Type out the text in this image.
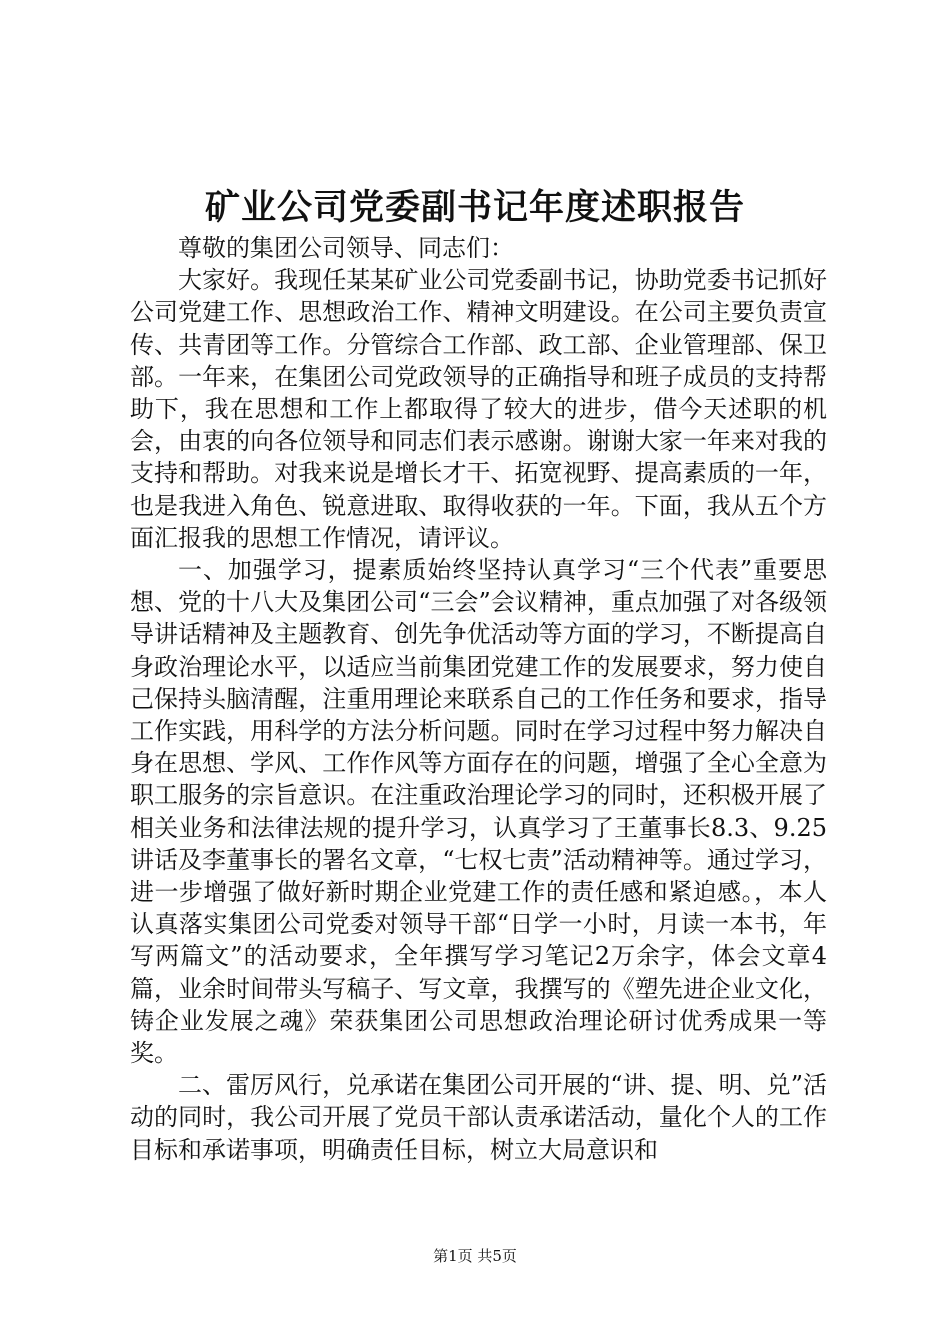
矿业公司党委副书记年度述职报告

尊敬的集团公司领导、同志们：

大家好。我现任某某矿业公司党委副书记，协助党委书记抓好公司党建工作、思想政治工作、精神文明建设。在公司主要负责宣传、共青团等工作。分管综合工作部、政工部、企业管理部、保卫部。一年来，在集团公司党政领导的正确指导和班子成员的支持帮助下，我在思想和工作上都取得了较大的进步，借今天述职的机会，由衷的向各位领导和同志们表示感谢。谢谢大家一年来对我的支持和帮助。对我来说是增长才干、拓宽视野、提高素质的一年，也是我进入角色、锐意进取、取得收获的一年。下面，我从五个方面汇报我的思想工作情况，请评议。

一、加强学习，提素质始终坚持认真学习“三个代表”重要思想、党的十八大及集团公司“三会”会议精神，重点加强了对各级领导讲话精神及主题教育、创先争优活动等方面的学习，不断提高自身政治理论水平，以适应当前集团党建工作的发展要求，努力使自己保持头脑清醒，注重用理论来联系自己的工作任务和要求，指导工作实践，用科学的方法分析问题。同时在学习过程中努力解决自身在思想、学风、工作作风等方面存在的问题，增强了全心全意为职工服务的宗旨意识。在注重政治理论学习的同时，还积极开展了相关业务和法律法规的提升学习，认真学习了王董事长8.3、9.25讲话及李董事长的署名文章，“七权七责”活动精神等。通过学习，进一步增强了做好新时期企业党建工作的责任感和紧迫感。，本人认真落实集团公司党委对领导干部“日学一小时，月读一本书，年写两篇文”的活动要求，全年撰写学习笔记2万余字，体会文章4篇，业余时间带头写稿子、写文章，我撰写的《塑先进企业文化，铸企业发展之魂》荣获集团公司思想政治理论研讨优秀成果一等奖。

二、雷厉风行，兑承诺在集团公司开展的“讲、提、明、兑”活动的同时，我公司开展了党员干部认责承诺活动，量化个人的工作目标和承诺事项，明确责任目标，树立大局意识和

第1页 共5页
